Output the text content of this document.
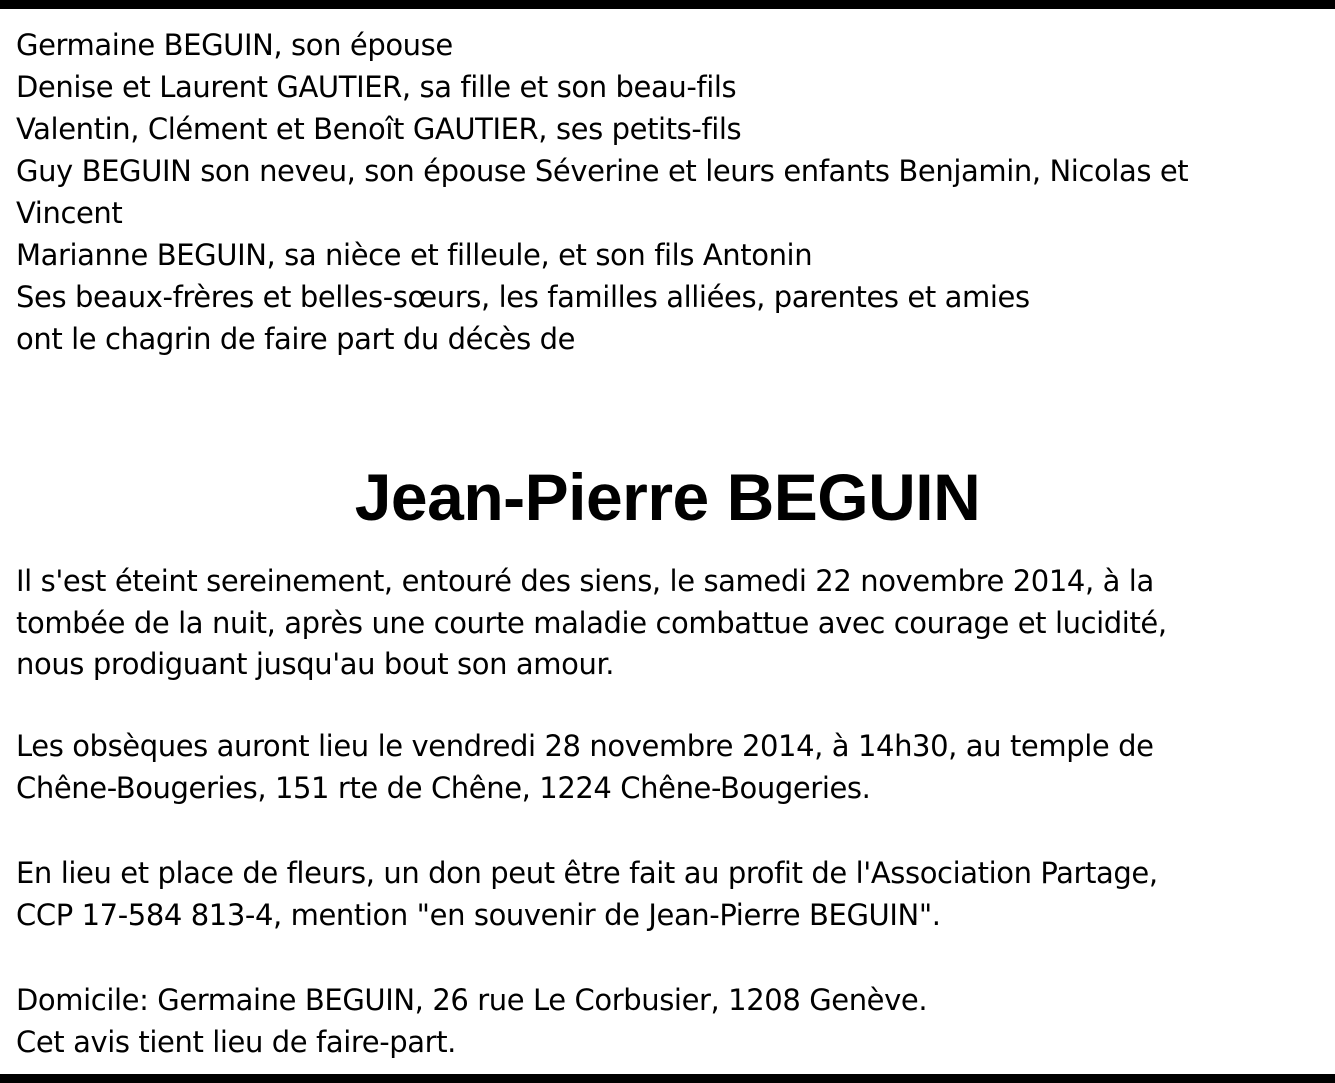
Germaine BEGUIN, son épouse
Denise et Laurent GAUTIER, sa fille et son beau-fils
Valentin, Clément et Benoît GAUTIER, ses petits-fils
Guy BEGUIN son neveu, son épouse Séverine et leurs enfants Benjamin, Nicolas et
Vincent
Marianne BEGUIN, sa nièce et filleule, et son fils Antonin
Ses beaux-frères et belles-sœurs, les familles alliées, parentes et amies
ont le chagrin de faire part du décès de
Jean-Pierre BEGUIN
Il s'est éteint sereinement, entouré des siens, le samedi 22 novembre 2014, à la
tombée de la nuit, après une courte maladie combattue avec courage et lucidité,
nous prodiguant jusqu'au bout son amour.
Les obsèques auront lieu le vendredi 28 novembre 2014, à 14h30, au temple de
Chêne-Bougeries, 151 rte de Chêne, 1224 Chêne-Bougeries.
En lieu et place de fleurs, un don peut être fait au profit de l'Association Partage,
CCP 17-584 813-4, mention "en souvenir de Jean-Pierre BEGUIN".
Domicile: Germaine BEGUIN, 26 rue Le Corbusier, 1208 Genève.
Cet avis tient lieu de faire-part.
